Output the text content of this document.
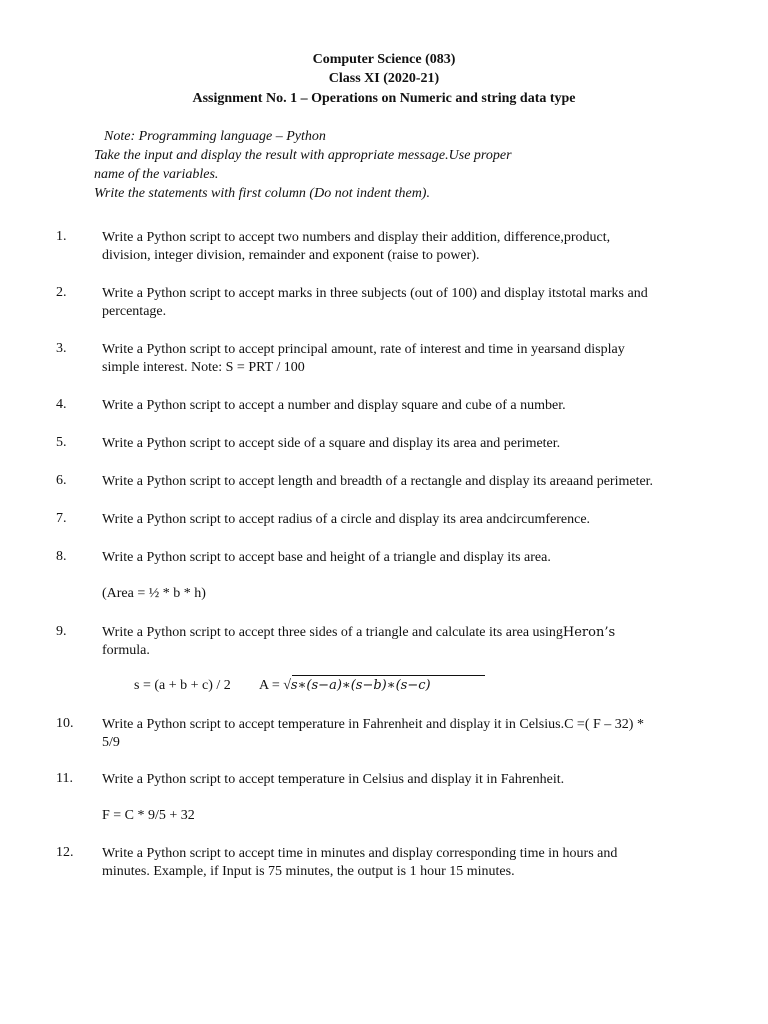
Computer Science (083)
Class XI (2020-21)
Assignment No. 1 – Operations on Numeric and string data type
Note: Programming language – Python
Take the input and display the result with appropriate message.Use proper
name of the variables.
Write the statements with first column (Do not indent them).
1.	Write a Python script to accept two numbers and display their addition, difference,product,
division, integer division, remainder and exponent (raise to power).
2.	Write a Python script to accept marks in three subjects (out of 100) and display itstotal marks and
percentage.
3.	Write a Python script to accept principal amount, rate of interest and time in yearsand display
simple interest. Note: S = PRT / 100
4.	Write a Python script to accept a number and display square and cube of a number.
5.	Write a Python script to accept side of a square and display its area and perimeter.
6.	Write a Python script to accept length and breadth of a rectangle and display its areaand perimeter.
7.	Write a Python script to accept radius of a circle and display its area andcircumference.
8.	Write a Python script to accept base and height of a triangle and display its area.
(Area = ½ * b * h)
9.	Write a Python script to accept three sides of a triangle and calculate its area usingHeron’s
formula.
s = (a + b + c) / 2 A = √𝑠∗(𝑠−𝑎)∗(𝑠−𝑏)∗(𝑠−𝑐)
10. Write a Python script to accept temperature in Fahrenheit and display it in Celsius.C =( F – 32) *
5/9
11. Write a Python script to accept temperature in Celsius and display it in Fahrenheit.
F = C * 9/5 + 32
12. Write a Python script to accept time in minutes and display corresponding time in hours and
minutes. Example, if Input is 75 minutes, the output is 1 hour 15 minutes.
